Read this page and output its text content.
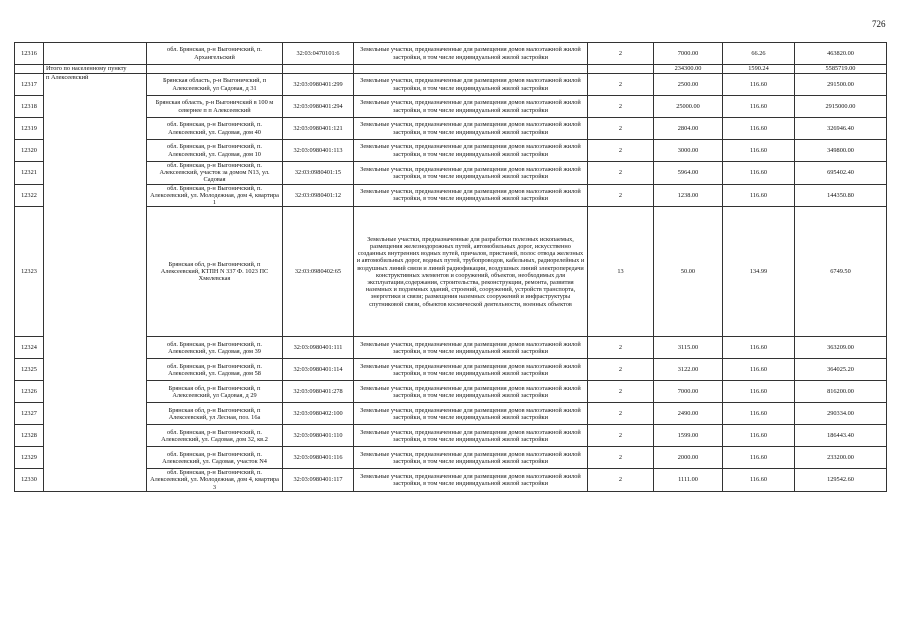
726
12316		обл. Брянская, р-н Выгоничский, п. Архангельский	32:03:0470101:6	Земельные участки, предназначенные для размещения домов малоэтажной жилой застройки, в том числе индивидуальной жилой застройки	2	7000.00	66.26	463820.00
	Итого по населенному пункту					234300.00	1590.24	5585719.00
12317	п Алексеевский	Брянская область, р-н Выгоничский, п Алексеевский, ул Садовая, д 31	32:03:0980401:299	Земельные участки, предназначенные для размещения домов малоэтажной жилой застройки, в том числе индивидуальной жилой застройки	2	2500.00	116.60	291500.00
12318		Брянская область, р-н Выгоничский в 100 м севернее п п Алексеевский	32:03:0980401:294	Земельные участки, предназначенные для размещения домов малоэтажной жилой застройки, в том числе индивидуальной жилой застройки	2	25000.00	116.60	2915000.00
12319		обл. Брянская, р-н Выгоничский, п. Алексеевский, ул. Садовая, дом 40	32:03:0980401:121	Земельные участки, предназначенные для размещения домов малоэтажной жилой застройки, в том числе индивидуальной жилой застройки	2	2804.00	116.60	326946.40
12320		обл. Брянская, р-н Выгоничский, п. Алексеевский, ул. Садовая, дом 10	32:03:0980401:113	Земельные участки, предназначенные для размещения домов малоэтажной жилой застройки, в том числе индивидуальной жилой застройки	2	3000.00	116.60	349800.00
12321		обл. Брянская, р-н Выгоничский, п. Алексеевский, участок за домом N13, ул. Садовая	32:03:0980401:15	Земельные участки, предназначенные для размещения домов малоэтажной жилой застройки, в том числе индивидуальной жилой застройки	2	5964.00	116.60	695402.40
12322		обл. Брянская, р-н Выгоничский, п. Алексеевский, ул. Молодежная, дом 4, квартира 1	32:03:0980401:12	Земельные участки, предназначенные для размещения домов малоэтажной жилой застройки, в том числе индивидуальной жилой застройки	2	1238.00	116.60	144350.80
12323		Брянская обл, р-н Выгоничский, п Алексеевский, КТПН N 337 Ф. 1023 ПС Хмелевская	32:03:0980402:65	Земельные участки, предназначенные для разработки полезных ископаемых, размещения железнодорожных путей, автомобильных дорог, искусственно созданных внутренних водных путей, причалов, пристаней, полос отвода железных и автомобильных дорог, водных путей, трубопроводов, кабельных, радиорелейных и воздушных линий связи и линий радиофикации, воздушных линий электропередачи конструктивных элементов и сооружений, объектов, необходимых для эксплуатации,содержания, строительства, реконструкции, ремонта, развития наземных и подземных зданий, строений, сооружений, устройств транспорта, энергетики и связи; размещения наземных сооружений и инфраструктуры спутниковой связи, объектов космической деятельности, военных объектов	13	50.00	134.99	6749.50
12324		обл. Брянская, р-н Выгоничский, п. Алексеевский, ул. Садовая, дом 39	32:03:0980401:111	Земельные участки, предназначенные для размещения домов малоэтажной жилой застройки, в том числе индивидуальной жилой застройки	2	3115.00	116.60	363209.00
12325		обл. Брянская, р-н Выгоничский, п. Алексеевский, ул. Садовая, дом 58	32:03:0980401:114	Земельные участки, предназначенные для размещения домов малоэтажной жилой застройки, в том числе индивидуальной жилой застройки	2	3122.00	116.60	364025.20
12326		Брянская обл, р-н Выгоничский, п Алексеевский, ул Садовая, д 29	32:03:0980401:278	Земельные участки, предназначенные для размещения домов малоэтажной жилой застройки, в том числе индивидуальной жилой застройки	2	7000.00	116.60	816200.00
12327		Брянская обл, р-н Выгоничский, п Алексеевский, ул Лесная, поз. 16а	32:03:0980402:100	Земельные участки, предназначенные для размещения домов малоэтажной жилой застройки, в том числе индивидуальной жилой застройки	2	2490.00	116.60	290334.00
12328		обл. Брянская, р-н Выгоничский, п. Алексеевский, ул. Садовая, дом 32, кв.2	32:03:0980401:110	Земельные участки, предназначенные для размещения домов малоэтажной жилой застройки, в том числе индивидуальной жилой застройки	2	1599.00	116.60	186443.40
12329		обл. Брянская, р-н Выгоничский, п. Алексеевский, ул. Садовая, участок N4	32:03:0980401:116	Земельные участки, предназначенные для размещения домов малоэтажной жилой застройки, в том числе индивидуальной жилой застройки	2	2000.00	116.60	233200.00
12330		обл. Брянская, р-н Выгоничский, п. Алексеевский, ул. Молодежная, дом 4, квартира 3	32:03:0980401:117	Земельные участки, предназначенные для размещения домов малоэтажной жилой застройки, в том числе индивидуальной жилой застройки	2	1111.00	116.60	129542.60
